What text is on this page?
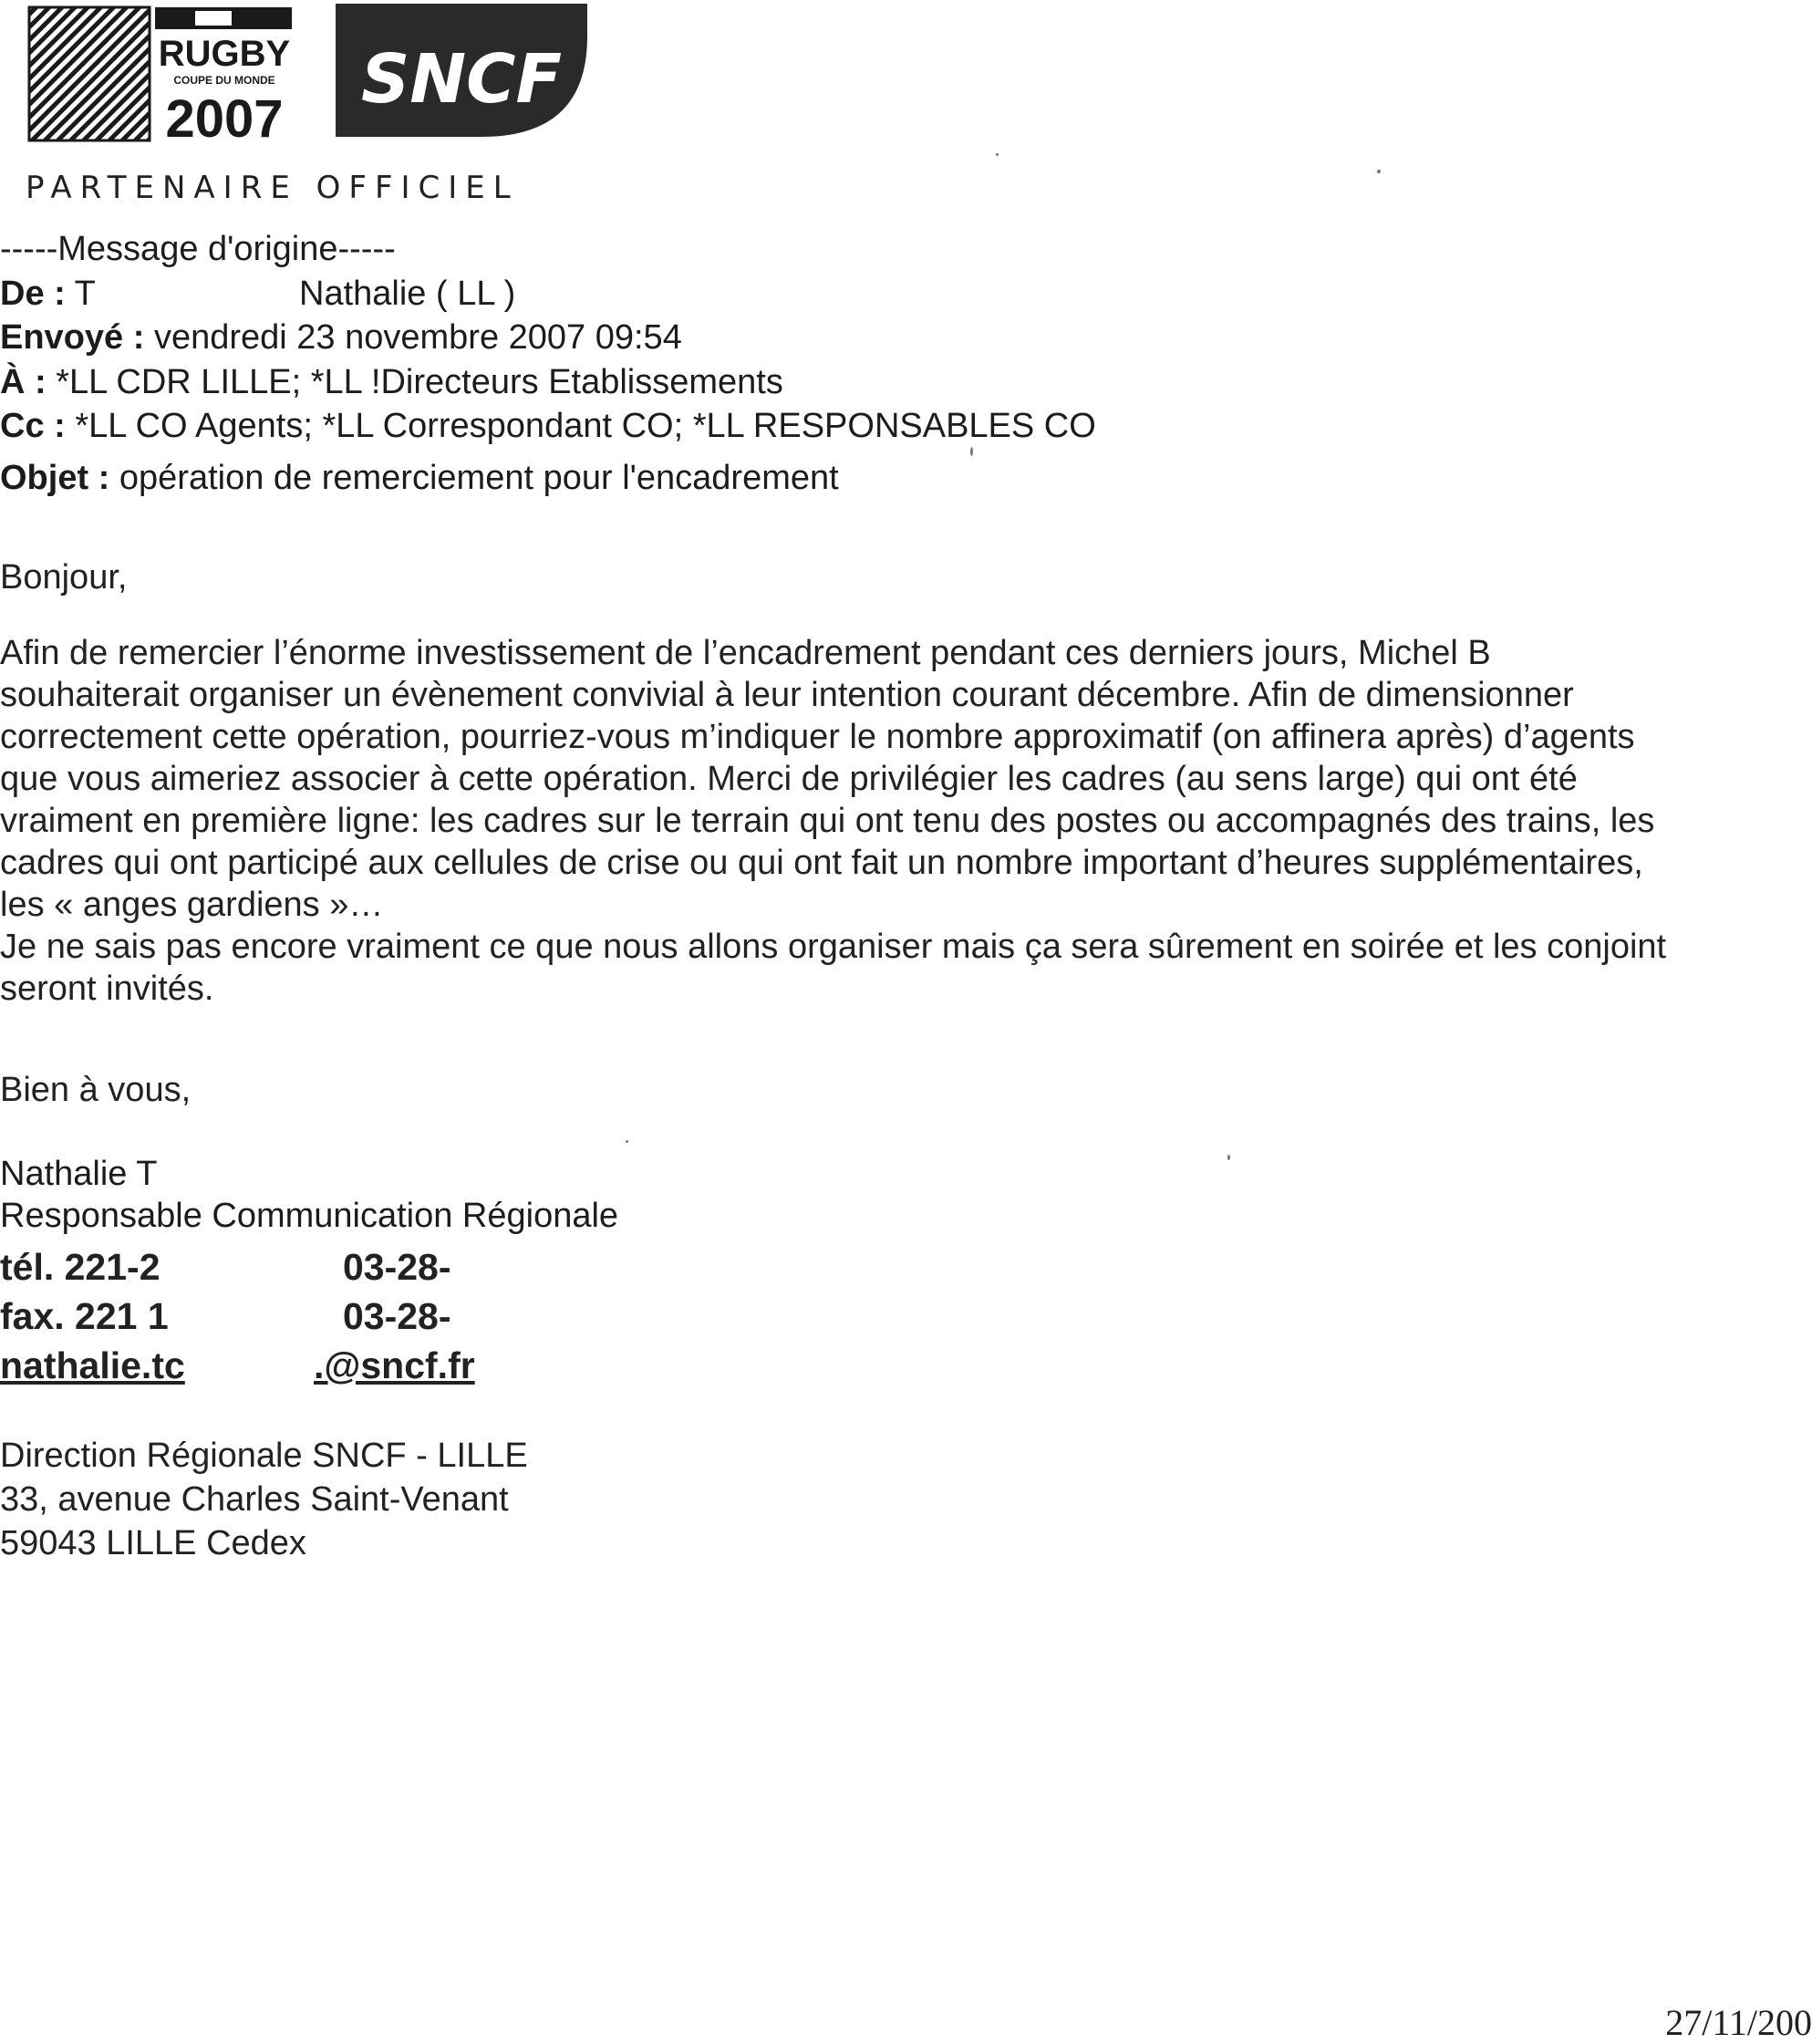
RUGBY
COUPE DU MONDE
2007
SNCF
PARTENAIRE OFFICIEL
-----Message d'origine-----
De : T	Nathalie ( LL )
Envoyé : vendredi 23 novembre 2007 09:54
À : *LL CDR LILLE; *LL !Directeurs Etablissements
Cc : *LL CO Agents; *LL Correspondant CO; *LL RESPONSABLES CO
Objet : opération de remerciement pour l'encadrement
Bonjour,
Afin de remercier l’énorme investissement de l’encadrement pendant ces derniers jours, Michel B
souhaiterait organiser un évènement convivial à leur intention courant décembre. Afin de dimensionner
correctement cette opération, pourriez-vous m’indiquer le nombre approximatif (on affinera après) d’agents
que vous aimeriez associer à cette opération. Merci de privilégier les cadres (au sens large) qui ont été
vraiment en première ligne: les cadres sur le terrain qui ont tenu des postes ou accompagnés des trains, les
cadres qui ont participé aux cellules de crise ou qui ont fait un nombre important d’heures supplémentaires,
les « anges gardiens »…
Je ne sais pas encore vraiment ce que nous allons organiser mais ça sera sûrement en soirée et les conjoint
seront invités.
Bien à vous,
Nathalie T
Responsable Communication Régionale
tél. 221-2	03-28-
fax. 221 1	03-28-
nathalie.tc	.@sncf.fr
Direction Régionale SNCF - LILLE
33, avenue Charles Saint-Venant
59043 LILLE Cedex
27/11/200
